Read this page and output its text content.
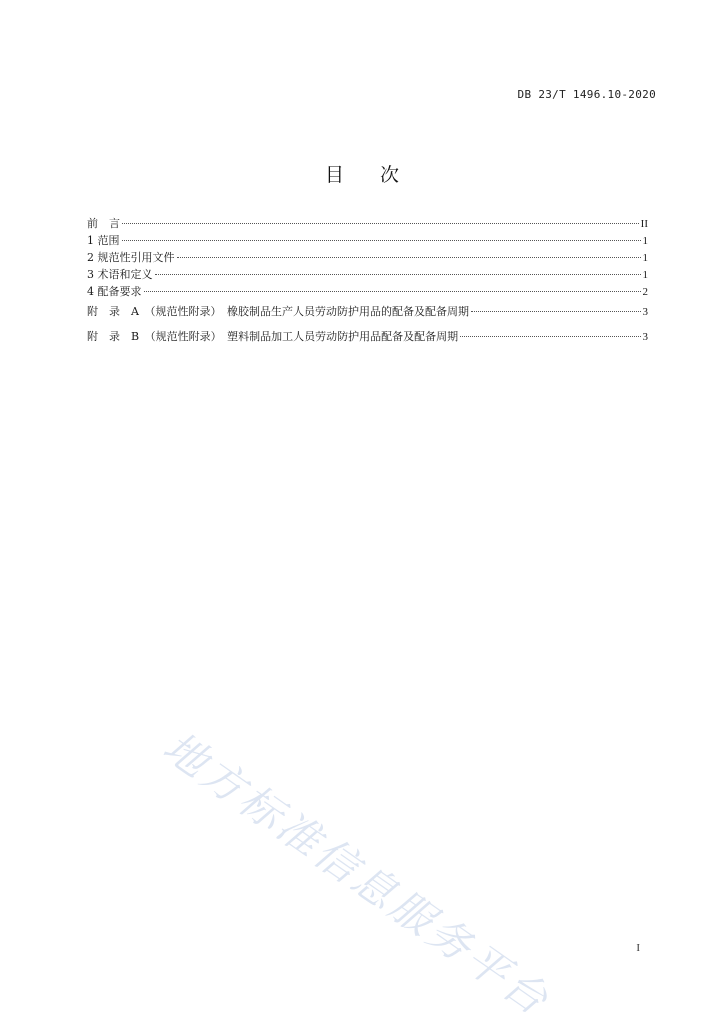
DB 23/T 1496.10-2020
目 次
前　言	II
1 范围	1
2 规范性引用文件	1
3 术语和定义	1
4 配备要求	2
附　录　A　（规范性附录）　橡胶制品生产人员劳动防护用品的配备及配备周期	3
附　录　B　（规范性附录）　塑料制品加工人员劳动防护用品配备及配备周期	3
地方标准信息服务平台	I
